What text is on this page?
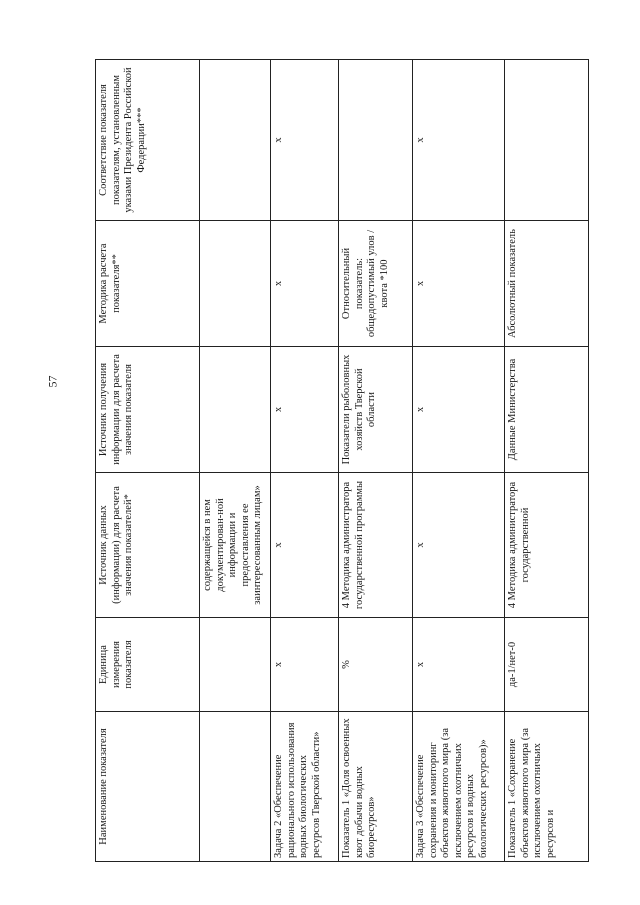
57
Наименование показателя	Единица измерения показателя	Источник данных (информации) для расчета значения показателей*	Источник получения информации для расчета значения показателя	Методика расчета показателя**	Соответствие показателя показателям, установленным указами Президента Российской Федерации***
		содержащейся в нем документирован-ной информации и предоставления ее заинтересованным лицам»			
Задача 2 «Обеспечение рационального использования водных биологических ресурсов Тверской области»	х	х	х	х	х
Показатель 1 «Доля освоенных квот добычи водных биоресурсов»	%	4 Методика администратора государственной программы	Показатели рыболовных хозяйств Тверской области	Относительный показатель: общедопустимый улов / квота *100	
Задача 3 «Обеспечение сохранения и мониторинг объектов животного мира (за исключением охотничьих ресурсов и водных биологических ресурсов)»	х	х	х	х	х
Показатель 1 «Сохранение объектов животного мира (за исключением охотничьих ресурсов и	да-1/нет-0	4 Методика администратора государственной	Данные Министерства	Абсолютный показатель	
